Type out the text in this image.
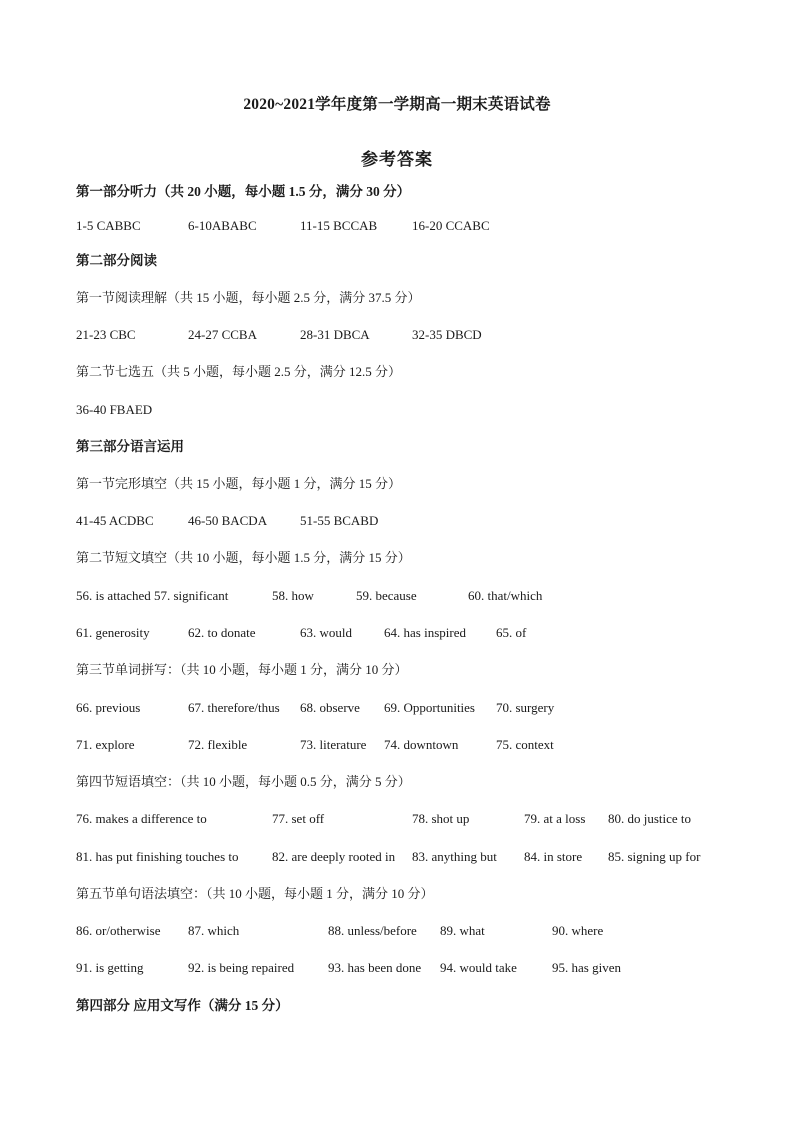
2020~2021学年度第一学期高一期末英语试卷
参考答案
第一部分听力（共 20 小题，每小题 1.5 分，满分 30 分）
1-5 CABBC	6-10ABABC	11-15 BCCAB	16-20 CCABC
第二部分阅读
第一节阅读理解（共 15 小题，每小题 2.5 分，满分 37.5 分）
21-23 CBC	24-27 CCBA	28-31 DBCA	32-35 DBCD
第二节七选五（共 5 小题，每小题 2.5 分，满分 12.5 分）
36-40 FBAED
第三部分语言运用
第一节完形填空（共 15 小题，每小题 1 分，满分 15 分）
41-45 ACDBC	46-50 BACDA	51-55 BCABD
第二节短文填空（共 10 小题，每小题 1.5 分，满分 15 分）
56. is attached 57. significant	58. how	59. because	60. that/which
61. generosity	62. to donate	63. would 64. has inspired 65. of
第三节单词拼写：（共 10 小题，每小题 1 分，满分 10 分）
66. previous	67. therefore/thus 68. observe 69. Opportunities 70. surgery
71. explore	72. flexible	73. literature 74. downtown	75. context
第四节短语填空：（共 10 小题，每小题 0.5 分，满分 5 分）
76. makes a difference to	77. set off	78. shot up	79. at a loss 80. do justice to
81. has put finishing touches to	82. are deeply rooted in 83. anything but 84. in store 85. signing up for
第五节单句语法填空：（共 10 小题，每小题 1 分，满分 10 分）
86. or/otherwise 87. which	88. unless/before 89. what	90. where
91. is getting	92. is being repaired	93. has been done 94. would take	95. has given
第四部分 应用文写作（满分 15 分）
